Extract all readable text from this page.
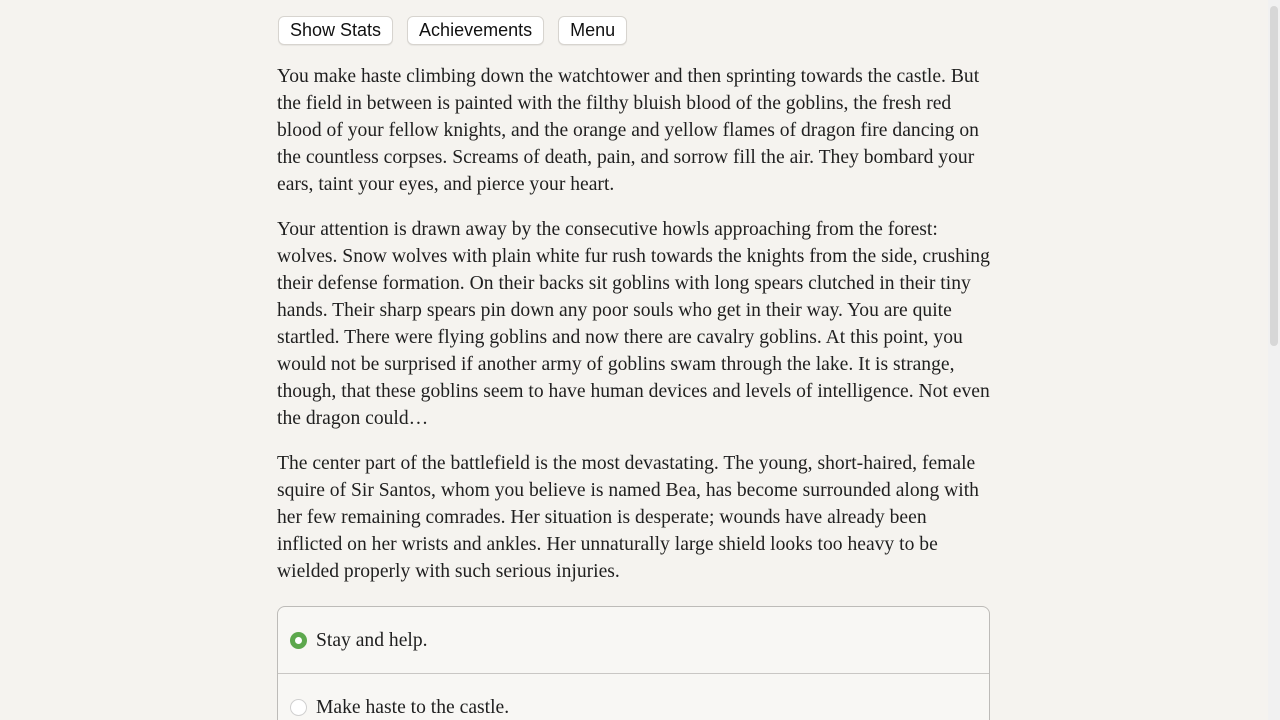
Show Stats	Achievements	Menu

You make haste climbing down the watchtower and then sprinting towards the castle. But the field in between is painted with the filthy bluish blood of the goblins, the fresh red blood of your fellow knights, and the orange and yellow flames of dragon fire dancing on the countless corpses. Screams of death, pain, and sorrow fill the air. They bombard your ears, taint your eyes, and pierce your heart.

Your attention is drawn away by the consecutive howls approaching from the forest: wolves. Snow wolves with plain white fur rush towards the knights from the side, crushing their defense formation. On their backs sit goblins with long spears clutched in their tiny hands. Their sharp spears pin down any poor souls who get in their way. You are quite startled. There were flying goblins and now there are cavalry goblins. At this point, you would not be surprised if another army of goblins swam through the lake. It is strange, though, that these goblins seem to have human devices and levels of intelligence. Not even the dragon could…

The center part of the battlefield is the most devastating. The young, short-haired, female squire of Sir Santos, whom you believe is named Bea, has become surrounded along with her few remaining comrades. Her situation is desperate; wounds have already been inflicted on her wrists and ankles. Her unnaturally large shield looks too heavy to be wielded properly with such serious injuries.

Stay and help.
Make haste to the castle.
